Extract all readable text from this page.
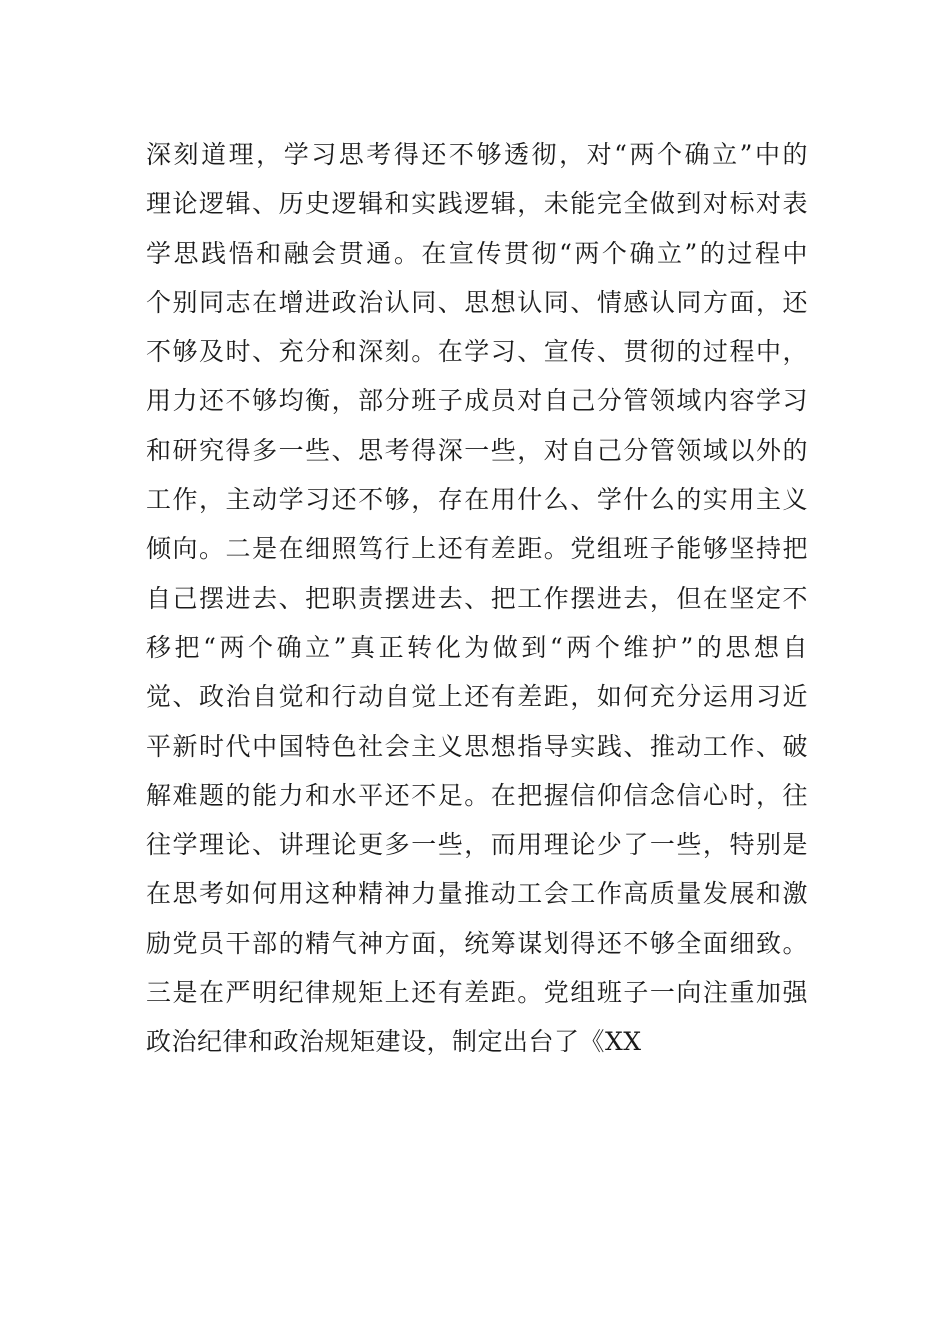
深刻道理，学习思考得还不够透彻，对“两个确立”中的
理论逻辑、历史逻辑和实践逻辑，未能完全做到对标对表
学思践悟和融会贯通。在宣传贯彻“两个确立”的过程中
个别同志在增进政治认同、思想认同、情感认同方面，还
不够及时、充分和深刻。在学习、宣传、贯彻的过程中，
用力还不够均衡，部分班子成员对自己分管领域内容学习
和研究得多一些、思考得深一些，对自己分管领域以外的
工作，主动学习还不够，存在用什么、学什么的实用主义
倾向。二是在细照笃行上还有差距。党组班子能够坚持把
自己摆进去、把职责摆进去、把工作摆进去，但在坚定不
移把“两个确立”真正转化为做到“两个维护”的思想自
觉、政治自觉和行动自觉上还有差距，如何充分运用习近
平新时代中国特色社会主义思想指导实践、推动工作、破
解难题的能力和水平还不足。在把握信仰信念信心时，往
往学理论、讲理论更多一些，而用理论少了一些，特别是
在思考如何用这种精神力量推动工会工作高质量发展和激
励党员干部的精气神方面，统筹谋划得还不够全面细致。
三是在严明纪律规矩上还有差距。党组班子一向注重加强
政治纪律和政治规矩建设，制定出台了《XX
